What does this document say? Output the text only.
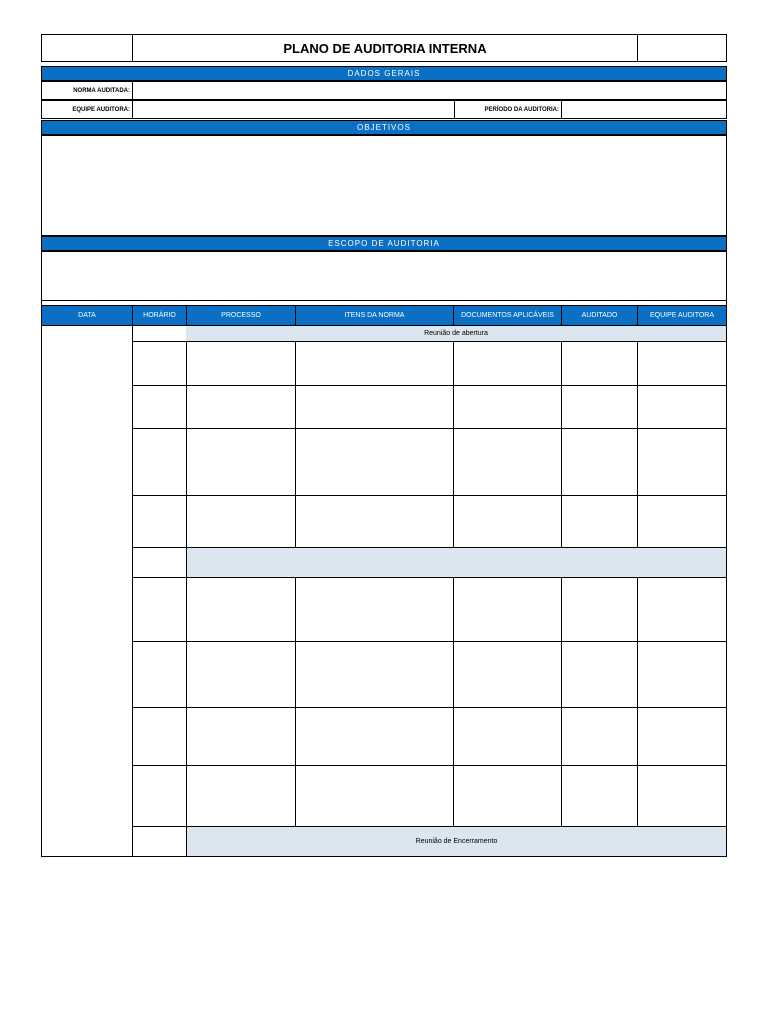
PLANO DE AUDITORIA INTERNA
DADOS GERAIS
NORMA AUDITADA:
EQUIPE AUDITORA:	PERÍODO DA AUDITORIA:
OBJETIVOS
ESCOPO DE AUDITORIA
DATA	HORÁRIO	PROCESSO	ITENS DA NORMA	DOCUMENTOS APLICÁVEIS	AUDITADO	EQUIPE AUDITORA
Reunião de abertura
Reunião de Encerramento
